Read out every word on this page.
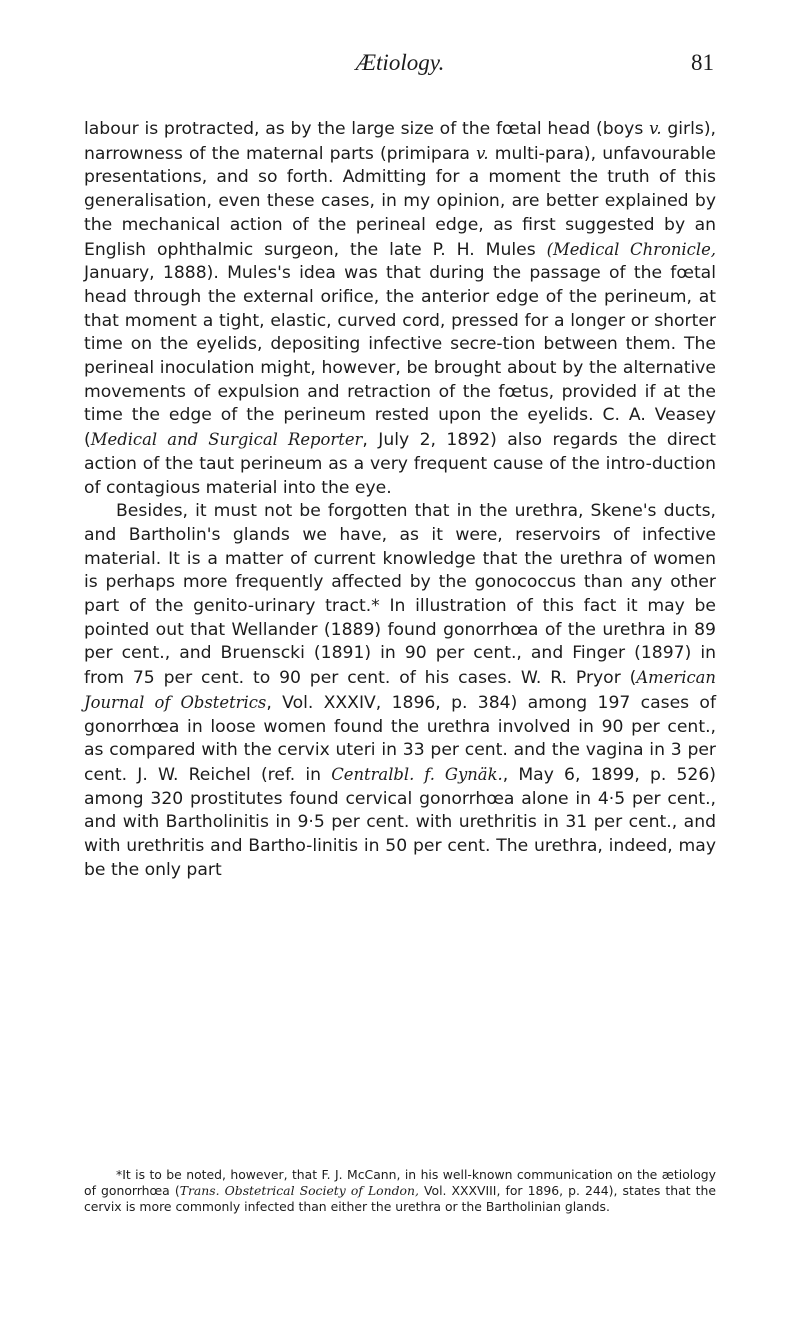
Ætiology.	81

labour is protracted, as by the large size of the fœtal head (boys v. girls), narrowness of the maternal parts (primipara v. multi-para), unfavourable presentations, and so forth. Admitting for a moment the truth of this generalisation, even these cases, in my opinion, are better explained by the mechanical action of the perineal edge, as first suggested by an English ophthalmic surgeon, the late P. H. Mules (Medical Chronicle, January, 1888). Mules's idea was that during the passage of the fœtal head through the external orifice, the anterior edge of the perineum, at that moment a tight, elastic, curved cord, pressed for a longer or shorter time on the eyelids, depositing infective secre-tion between them. The perineal inoculation might, however, be brought about by the alternative movements of expulsion and retraction of the fœtus, provided if at the time the edge of the perineum rested upon the eyelids. C. A. Veasey (Medical and Surgical Reporter, July 2, 1892) also regards the direct action of the taut perineum as a very frequent cause of the intro-duction of contagious material into the eye.

Besides, it must not be forgotten that in the urethra, Skene's ducts, and Bartholin's glands we have, as it were, reservoirs of infective material. It is a matter of current knowledge that the urethra of women is perhaps more frequently affected by the gonococcus than any other part of the genito-urinary tract.* In illustration of this fact it may be pointed out that Wellander (1889) found gonorrhœa of the urethra in 89 per cent., and Bruenscki (1891) in 90 per cent., and Finger (1897) in from 75 per cent. to 90 per cent. of his cases. W. R. Pryor (American Journal of Obstetrics, Vol. XXXIV, 1896, p. 384) among 197 cases of gonorrhœa in loose women found the urethra involved in 90 per cent., as compared with the cervix uteri in 33 per cent. and the vagina in 3 per cent. J. W. Reichel (ref. in Centralbl. f. Gynäk., May 6, 1899, p. 526) among 320 prostitutes found cervical gonorrhœa alone in 4·5 per cent., and with Bartholinitis in 9·5 per cent. with urethritis in 31 per cent., and with urethritis and Bartho-linitis in 50 per cent. The urethra, indeed, may be the only part

*It is to be noted, however, that F. J. McCann, in his well-known communication on the ætiology of gonorrhœa (Trans. Obstetrical Society of London, Vol. XXXVIII, for 1896, p. 244), states that the cervix is more commonly infected than either the urethra or the Bartholinian glands.
